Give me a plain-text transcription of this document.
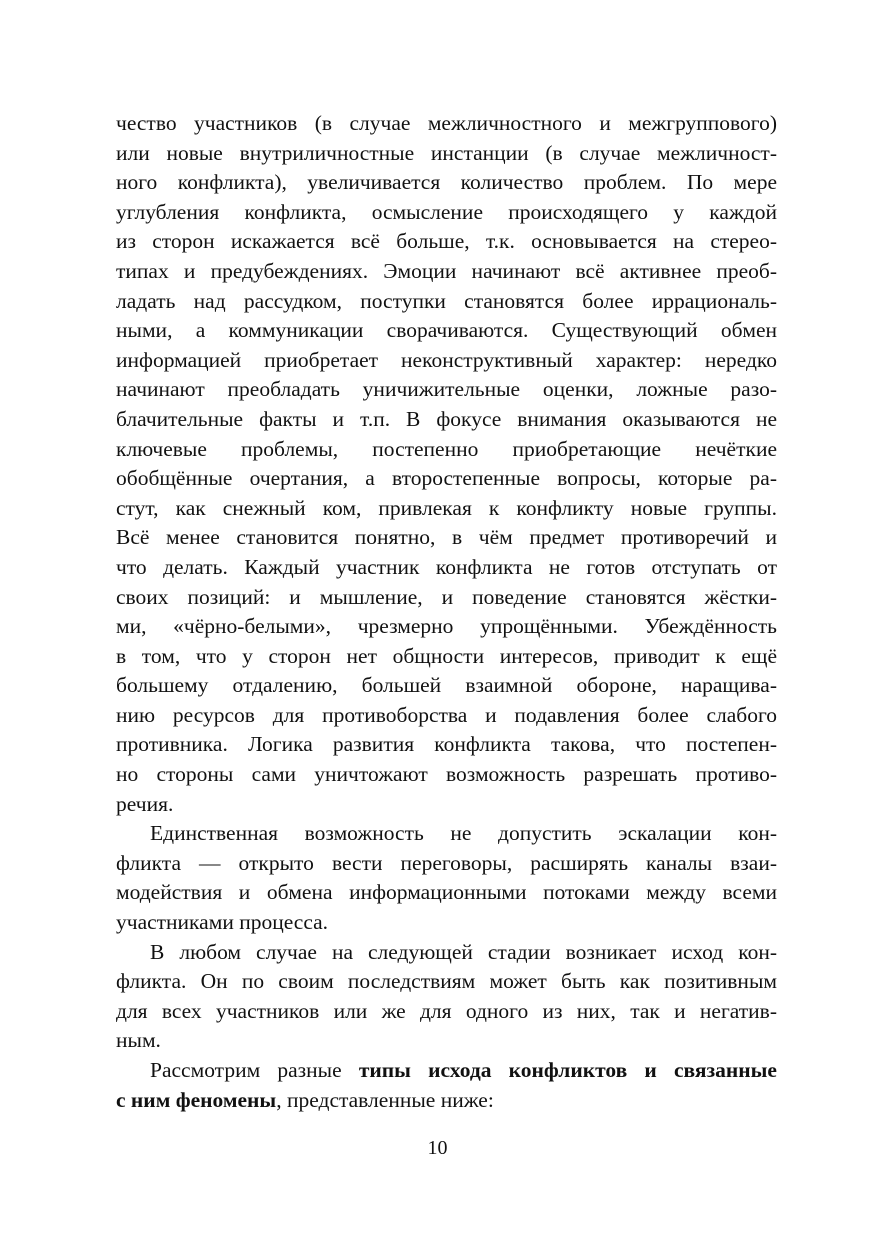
чество участников (в случае межличностного и межгруппового)
или новые внутриличностные инстанции (в случае межличност-
ного конфликта), увеличивается количество проблем. По мере
углубления конфликта, осмысление происходящего у каждой
из сторон искажается всё больше, т.к. основывается на стерео-
типах и предубеждениях. Эмоции начинают всё активнее преоб-
ладать над рассудком, поступки становятся более иррациональ-
ными, а коммуникации сворачиваются. Существующий обмен
информацией приобретает неконструктивный характер: нередко
начинают преобладать уничижительные оценки, ложные разо-
блачительные факты и т.п. В фокусе внимания оказываются не
ключевые проблемы, постепенно приобретающие нечёткие
обобщённые очертания, а второстепенные вопросы, которые ра-
стут, как снежный ком, привлекая к конфликту новые группы.
Всё менее становится понятно, в чём предмет противоречий и
что делать. Каждый участник конфликта не готов отступать от
своих позиций: и мышление, и поведение становятся жёстки-
ми, «чёрно-белыми», чрезмерно упрощёнными. Убеждённость
в том, что у сторон нет общности интересов, приводит к ещё
большему отдалению, большей взаимной обороне, наращива-
нию ресурсов для противоборства и подавления более слабого
противника. Логика развития конфликта такова, что постепен-
но стороны сами уничтожают возможность разрешать противо-
речия.
Единственная возможность не допустить эскалации кон-
фликта — открыто вести переговоры, расширять каналы взаи-
модействия и обмена информационными потоками между всеми
участниками процесса.
В любом случае на следующей стадии возникает исход кон-
фликта. Он по своим последствиям может быть как позитивным
для всех участников или же для одного из них, так и негатив-
ным.
Рассмотрим разные типы исхода конфликтов и связанные
с ним феномены, представленные ниже:
10
